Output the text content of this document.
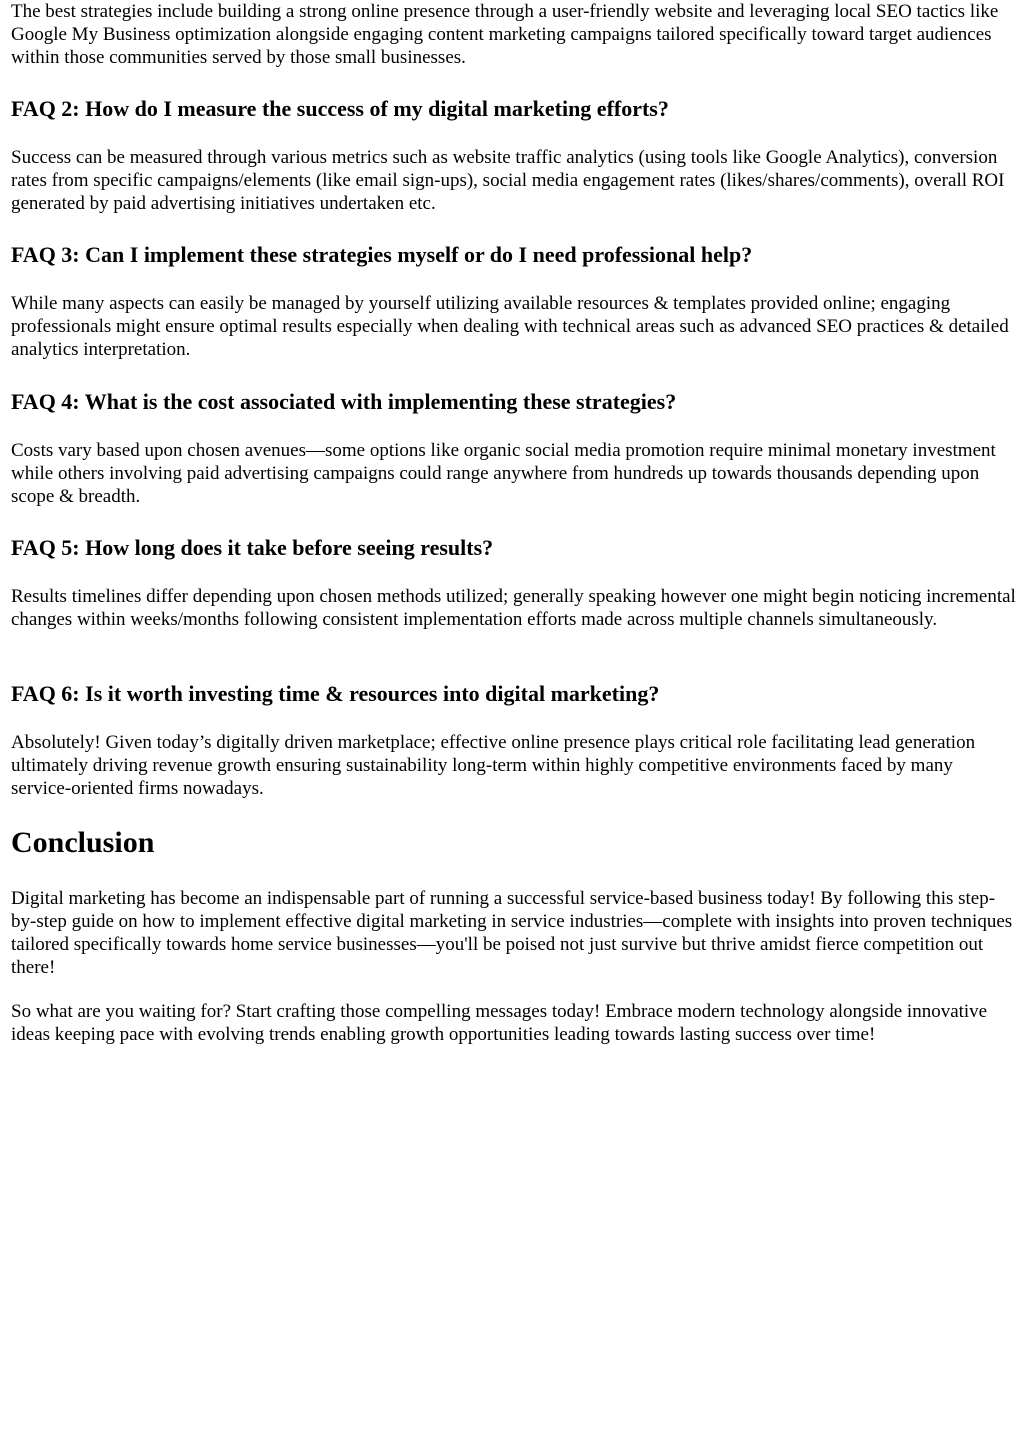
The best strategies include building a strong online presence through a user-friendly website and leveraging local SEO tactics like Google My Business optimization alongside engaging content marketing campaigns tailored specifically toward target audiences within those communities served by those small businesses.

FAQ 2: How do I measure the success of my digital marketing efforts?

Success can be measured through various metrics such as website traffic analytics (using tools like Google Analytics), conversion rates from specific campaigns/elements (like email sign-ups), social media engagement rates (likes/shares/comments), overall ROI generated by paid advertising initiatives undertaken etc.

FAQ 3: Can I implement these strategies myself or do I need professional help?

While many aspects can easily be managed by yourself utilizing available resources & templates provided online; engaging professionals might ensure optimal results especially when dealing with technical areas such as advanced SEO practices & detailed analytics interpretation.

FAQ 4: What is the cost associated with implementing these strategies?

Costs vary based upon chosen avenues—some options like organic social media promotion require minimal monetary investment while others involving paid advertising campaigns could range anywhere from hundreds up towards thousands depending upon scope & breadth.

FAQ 5: How long does it take before seeing results?

Results timelines differ depending upon chosen methods utilized; generally speaking however one might begin noticing incremental changes within weeks/months following consistent implementation efforts made across multiple channels simultaneously.

FAQ 6: Is it worth investing time & resources into digital marketing?

Absolutely! Given today’s digitally driven marketplace; effective online presence plays critical role facilitating lead generation ultimately driving revenue growth ensuring sustainability long-term within highly competitive environments faced by many service-oriented firms nowadays.

Conclusion

Digital marketing has become an indispensable part of running a successful service-based business today! By following this step-by-step guide on how to implement effective digital marketing in service industries—complete with insights into proven techniques tailored specifically towards home service businesses—you'll be poised not just survive but thrive amidst fierce competition out there!

So what are you waiting for? Start crafting those compelling messages today! Embrace modern technology alongside innovative ideas keeping pace with evolving trends enabling growth opportunities leading towards lasting success over time!
